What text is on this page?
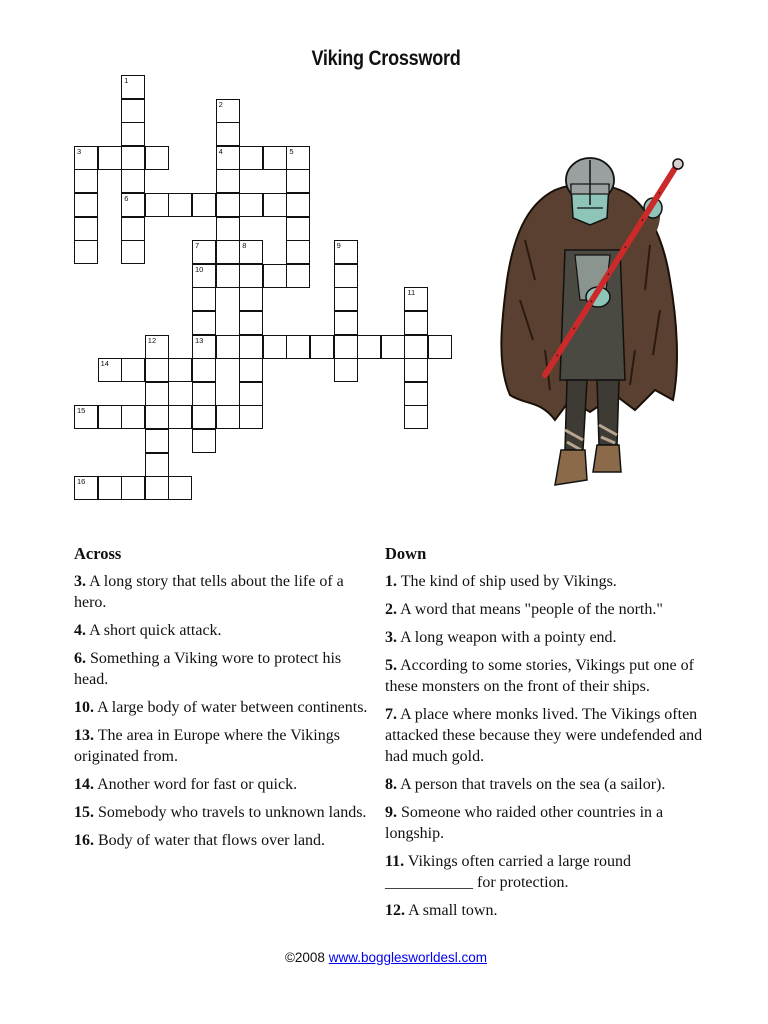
Viking Crossword
1
6
2
4
3	5
7
10
13
8	9
11
12
14
15
16
Across
3. A long story that tells about the life of a hero.
4. A short quick attack.
6. Something a Viking wore to protect his head.
10. A large body of water between continents.
13. The area in Europe where the Vikings originated from.
14. Another word for fast or quick.
15. Somebody who travels to unknown lands.
16. Body of water that flows over land.
Down
1. The kind of ship used by Vikings.
2. A word that means "people of the north."
3. A long weapon with a pointy end.
5. According to some stories, Vikings put one of these monsters on the front of their ships.
7. A place where monks lived. The Vikings often attacked these because they were undefended and had much gold.
8. A person that travels on the sea (a sailor).
9. Someone who raided other countries in a longship.
11. Vikings often carried a large round ___________ for protection.
12. A small town.
©2008 www.bogglesworldesl.com
